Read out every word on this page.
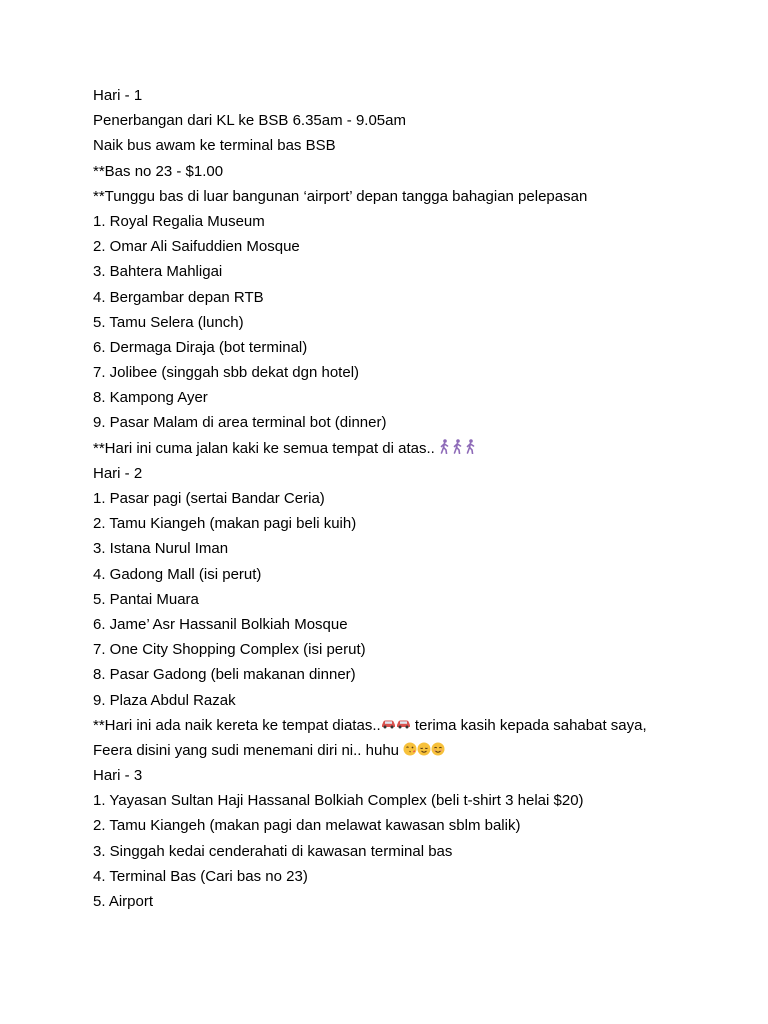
Hari - 1
Penerbangan dari KL ke BSB 6.35am - 9.05am
Naik bus awam ke terminal bas BSB
**Bas no 23 - $1.00
**Tunggu bas di luar bangunan ‘airport’ depan tangga bahagian pelepasan
1. Royal Regalia Museum
2. Omar Ali Saifuddien Mosque
3. Bahtera Mahligai
4. Bergambar depan RTB
5. Tamu Selera (lunch)
6. Dermaga Diraja (bot terminal)
7. Jolibee (singgah sbb dekat dgn hotel)
8. Kampong Ayer
9. Pasar Malam di area terminal bot (dinner)
**Hari ini cuma jalan kaki ke semua tempat di atas..
Hari - 2
1. Pasar pagi (sertai Bandar Ceria)
2. Tamu Kiangeh (makan pagi beli kuih)
3. Istana Nurul Iman
4. Gadong Mall (isi perut)
5. Pantai Muara
6. Jame’ Asr Hassanil Bolkiah Mosque
7. One City Shopping Complex (isi perut)
8. Pasar Gadong (beli makanan dinner)
9. Plaza Abdul Razak
**Hari ini ada naik kereta ke tempat diatas..
terima kasih kepada sahabat saya,
Feera disini yang sudi menemani diri ni.. huhu
Hari - 3
1. Yayasan Sultan Haji Hassanal Bolkiah Complex (beli t-shirt 3 helai $20)
2. Tamu Kiangeh (makan pagi dan melawat kawasan sblm balik)
3. Singgah kedai cenderahati di kawasan terminal bas
4. Terminal Bas (Cari bas no 23)
5. Airport
